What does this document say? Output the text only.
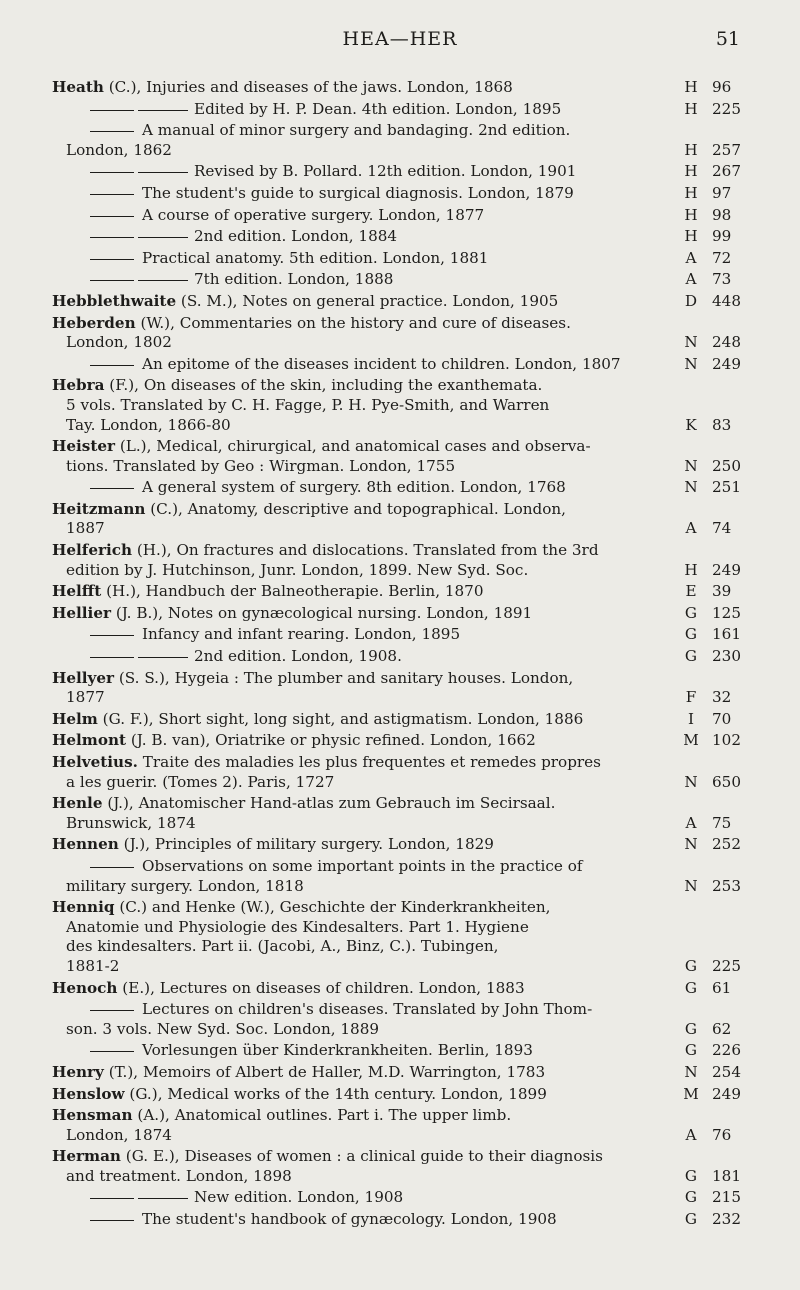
HEA—HER	51
Heath (C.), Injuries and diseases of the jaws. London, 1868	H 96
Edited by H. P. Dean. 4th edition. London, 1895	H 225
A manual of minor surgery and bandaging. 2nd edition.
London, 1862	H 257
Revised by B. Pollard. 12th edition. London, 1901	H 267
The student's guide to surgical diagnosis. London, 1879	H 97
A course of operative surgery. London, 1877	H 98
2nd edition. London, 1884	H 99
Practical anatomy. 5th edition. London, 1881	A 72
7th edition. London, 1888	A 73
Hebblethwaite (S. M.), Notes on general practice. London, 1905	D 448
Heberden (W.), Commentaries on the history and cure of diseases.
London, 1802	N 248
An epitome of the diseases incident to children. London, 1807	N 249
Hebra (F.), On diseases of the skin, including the exanthemata.
5 vols. Translated by C. H. Fagge, P. H. Pye-Smith, and Warren
Tay. London, 1866-80	K 83
Heister (L.), Medical, chirurgical, and anatomical cases and observa-
tions. Translated by Geo : Wirgman. London, 1755	N 250
A general system of surgery. 8th edition. London, 1768	N 251
Heitzmann (C.), Anatomy, descriptive and topographical. London,
1887	A 74
Helferich (H.), On fractures and dislocations. Translated from the 3rd
edition by J. Hutchinson, Junr. London, 1899. New Syd. Soc.	H 249
Helfft (H.), Handbuch der Balneotherapie. Berlin, 1870	E 39
Hellier (J. B.), Notes on gynæcological nursing. London, 1891	G 125
Infancy and infant rearing. London, 1895	G 161
2nd edition. London, 1908.	G 230
Hellyer (S. S.), Hygeia : The plumber and sanitary houses. London,
1877	F 32
Helm (G. F.), Short sight, long sight, and astigmatism. London, 1886	I	70
Helmont (J. B. van), Oriatrike or physic refined. London, 1662	M 102
Helvetius. Traite des maladies les plus frequentes et remedes propres
a les guerir. (Tomes 2). Paris, 1727	N 650
Henle (J.), Anatomischer Hand-atlas zum Gebrauch im Secirsaal.
Brunswick, 1874	A 75
Hennen (J.), Principles of military surgery. London, 1829	N 252
Observations on some important points in the practice of
military surgery. London, 1818	N 253
Henniq (C.) and Henke (W.), Geschichte der Kinderkrankheiten,
Anatomie und Physiologie des Kindesalters. Part 1. Hygiene
des kindesalters. Part ii. (Jacobi, A., Binz, C.). Tubingen,
1881-2	G 225
Henoch (E.), Lectures on diseases of children. London, 1883	G 61
Lectures on children's diseases. Translated by John Thom-
son. 3 vols. New Syd. Soc. London, 1889	G 62
Vorlesungen über Kinderkrankheiten. Berlin, 1893	G 226
Henry (T.), Memoirs of Albert de Haller, M.D. Warrington, 1783	N 254
Henslow (G.), Medical works of the 14th century. London, 1899	M 249
Hensman (A.), Anatomical outlines. Part i. The upper limb.
London, 1874	A 76
Herman (G. E.), Diseases of women : a clinical guide to their diagnosis
and treatment. London, 1898	G 181
New edition. London, 1908	G 215
The student's handbook of gynæcology. London, 1908	G 232
